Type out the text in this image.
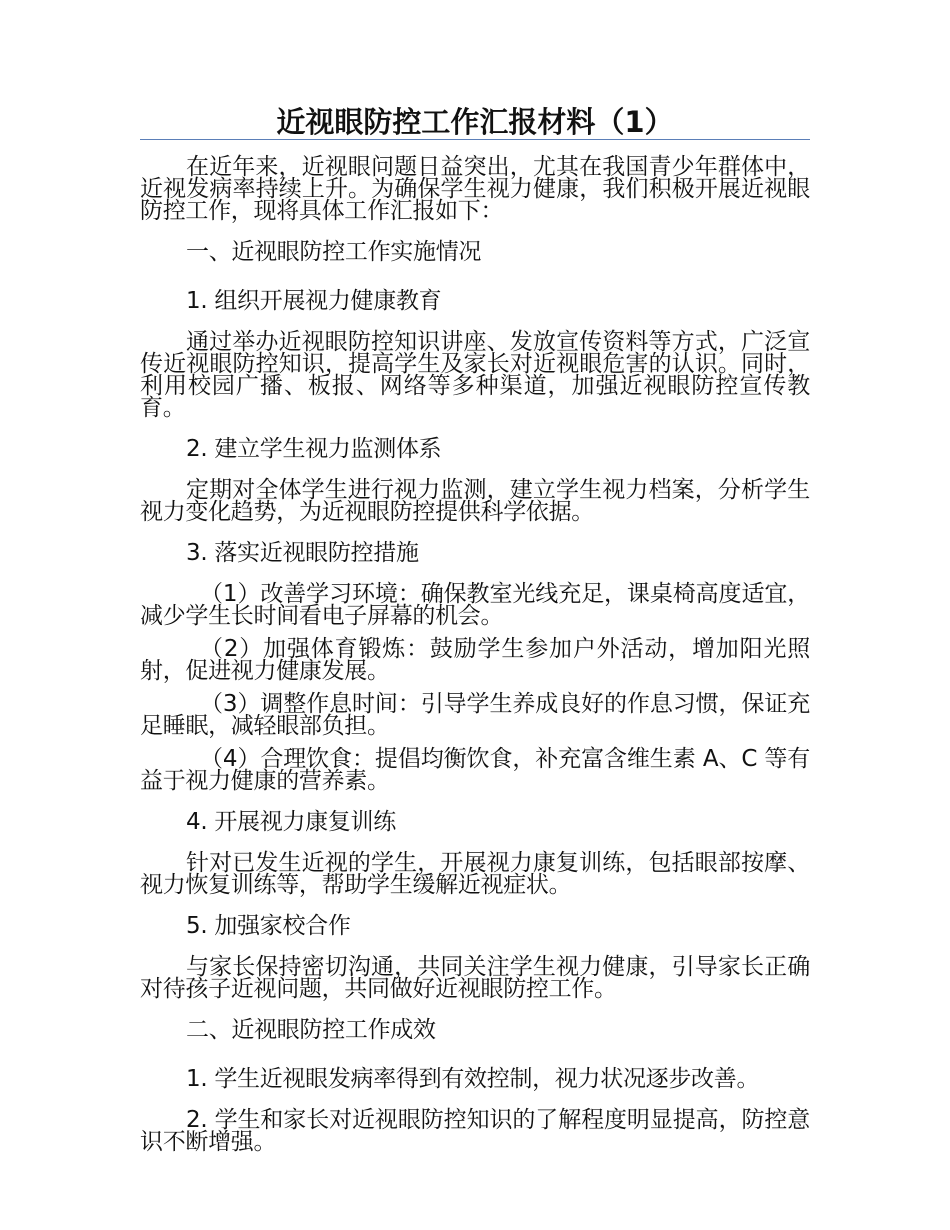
近视眼防控工作汇报材料（1）

在近年来，近视眼问题日益突出，尤其在我国青少年群体中，近视发病率持续上升。为确保学生视力健康，我们积极开展近视眼防控工作，现将具体工作汇报如下：

一、近视眼防控工作实施情况

1. 组织开展视力健康教育

通过举办近视眼防控知识讲座、发放宣传资料等方式，广泛宣传近视眼防控知识，提高学生及家长对近视眼危害的认识。同时，利用校园广播、板报、网络等多种渠道，加强近视眼防控宣传教育。

2. 建立学生视力监测体系

定期对全体学生进行视力监测，建立学生视力档案，分析学生视力变化趋势，为近视眼防控提供科学依据。

3. 落实近视眼防控措施

（1）改善学习环境：确保教室光线充足，课桌椅高度适宜，减少学生长时间看电子屏幕的机会。

（2）加强体育锻炼：鼓励学生参加户外活动，增加阳光照射，促进视力健康发展。

（3）调整作息时间：引导学生养成良好的作息习惯，保证充足睡眠，减轻眼部负担。

（4）合理饮食：提倡均衡饮食，补充富含维生素 A、C 等有益于视力健康的营养素。

4. 开展视力康复训练

针对已发生近视的学生，开展视力康复训练，包括眼部按摩、视力恢复训练等，帮助学生缓解近视症状。

5. 加强家校合作

与家长保持密切沟通，共同关注学生视力健康，引导家长正确对待孩子近视问题，共同做好近视眼防控工作。

二、近视眼防控工作成效

1. 学生近视眼发病率得到有效控制，视力状况逐步改善。

2. 学生和家长对近视眼防控知识的了解程度明显提高，防控意识不断增强。
